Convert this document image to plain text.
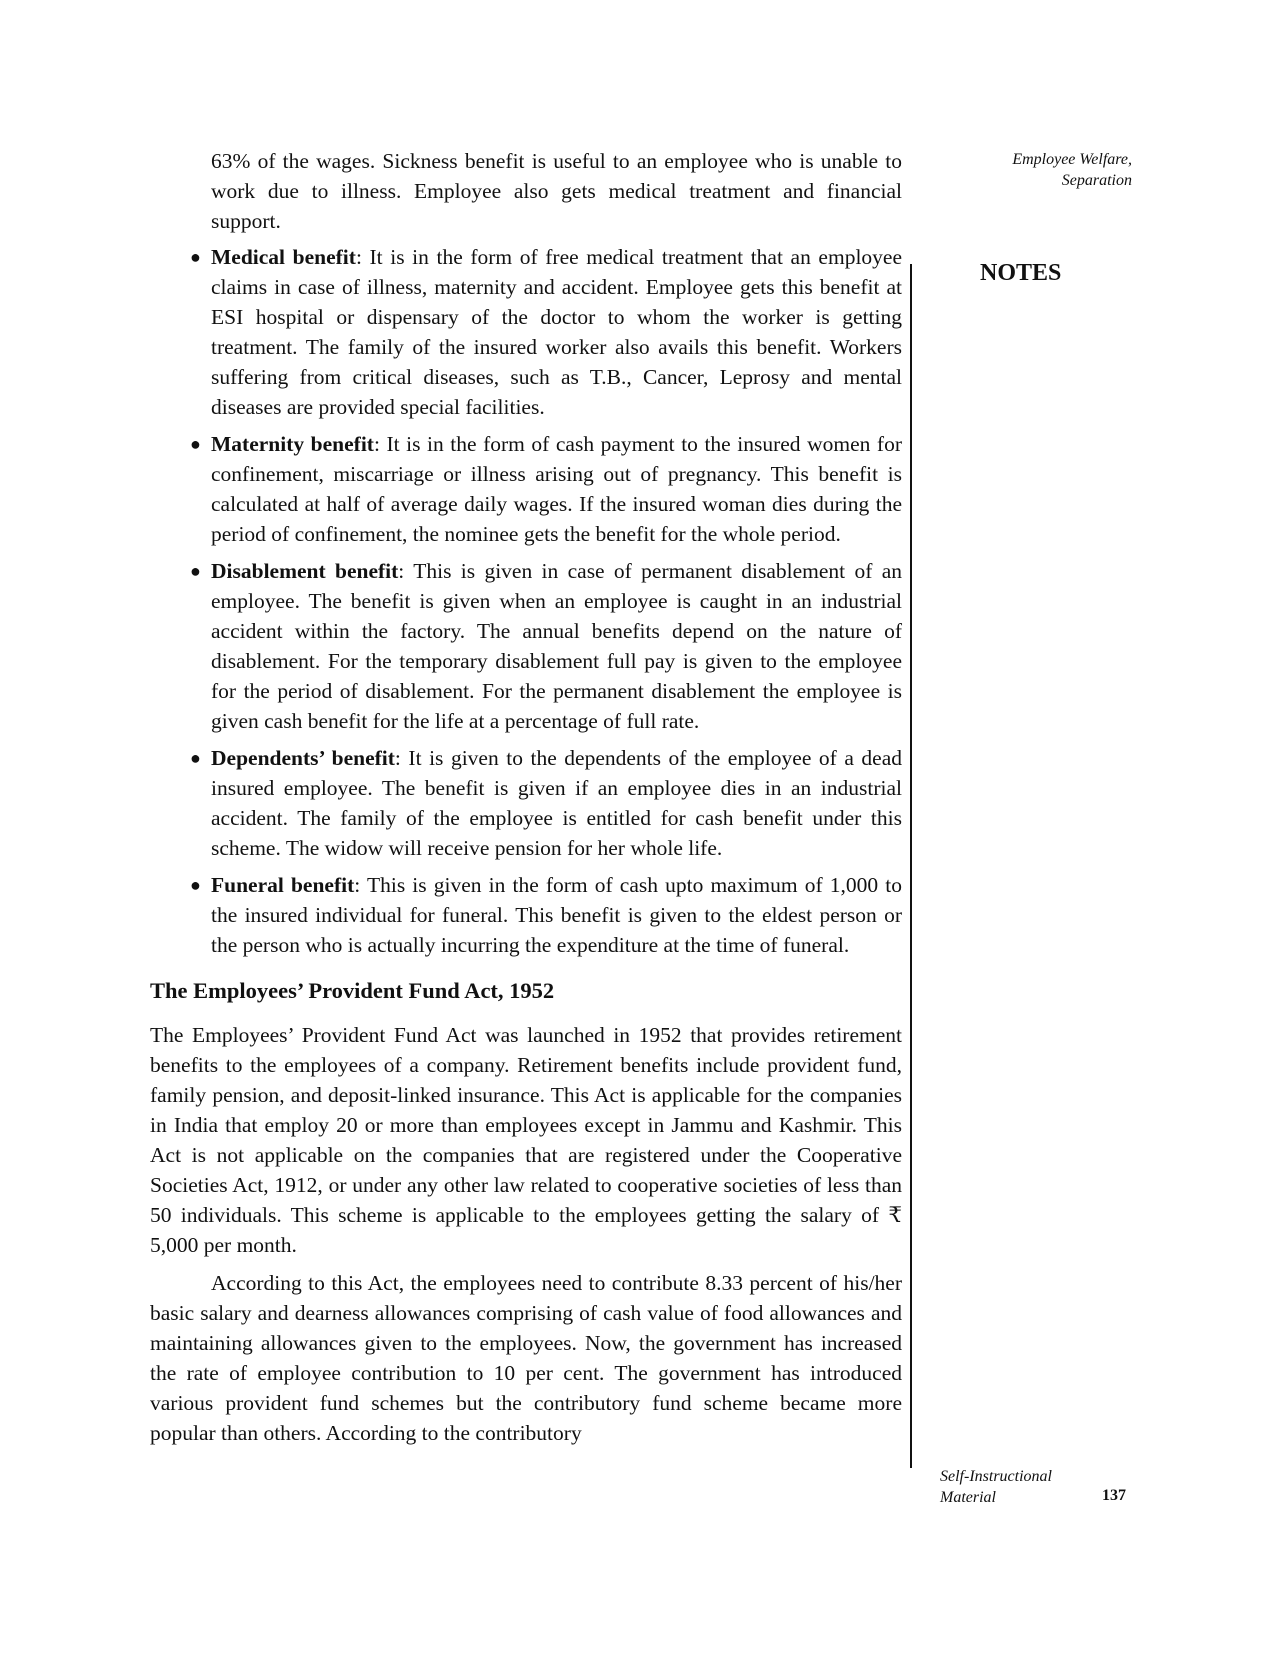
Employee Welfare,
Separation
NOTES

63% of the wages. Sickness benefit is useful to an employee who is unable to work due to illness. Employee also gets medical treatment and financial support.

● Medical benefit: It is in the form of free medical treatment that an employee claims in case of illness, maternity and accident. Employee gets this benefit at ESI hospital or dispensary of the doctor to whom the worker is getting treatment. The family of the insured worker also avails this benefit. Workers suffering from critical diseases, such as T.B., Cancer, Leprosy and mental diseases are provided special facilities.
● Maternity benefit: It is in the form of cash payment to the insured women for confinement, miscarriage or illness arising out of pregnancy. This benefit is calculated at half of average daily wages. If the insured woman dies during the period of confinement, the nominee gets the benefit for the whole period.
● Disablement benefit: This is given in case of permanent disablement of an employee. The benefit is given when an employee is caught in an industrial accident within the factory. The annual benefits depend on the nature of disablement. For the temporary disablement full pay is given to the employee for the period of disablement. For the permanent disablement the employee is given cash benefit for the life at a percentage of full rate.
● Dependents’ benefit: It is given to the dependents of the employee of a dead insured employee. The benefit is given if an employee dies in an industrial accident. The family of the employee is entitled for cash benefit under this scheme. The widow will receive pension for her whole life.
● Funeral benefit: This is given in the form of cash upto maximum of 1,000 to the insured individual for funeral. This benefit is given to the eldest person or the person who is actually incurring the expenditure at the time of funeral.
The Employees’ Provident Fund Act, 1952

The Employees’ Provident Fund Act was launched in 1952 that provides retirement benefits to the employees of a company. Retirement benefits include provident fund, family pension, and deposit-linked insurance. This Act is applicable for the companies in India that employ 20 or more than employees except in Jammu and Kashmir. This Act is not applicable on the companies that are registered under the Cooperative Societies Act, 1912, or under any other law related to cooperative societies of less than 50 individuals. This scheme is applicable to the employees getting the salary of ₹ 5,000 per month.

According to this Act, the employees need to contribute 8.33 percent of his/her basic salary and dearness allowances comprising of cash value of food allowances and maintaining allowances given to the employees. Now, the government has increased the rate of employee contribution to 10 per cent. The government has introduced various provident fund schemes but the contributory fund scheme became more popular than others. According to the contributory

Self-Instructional
Material	137
